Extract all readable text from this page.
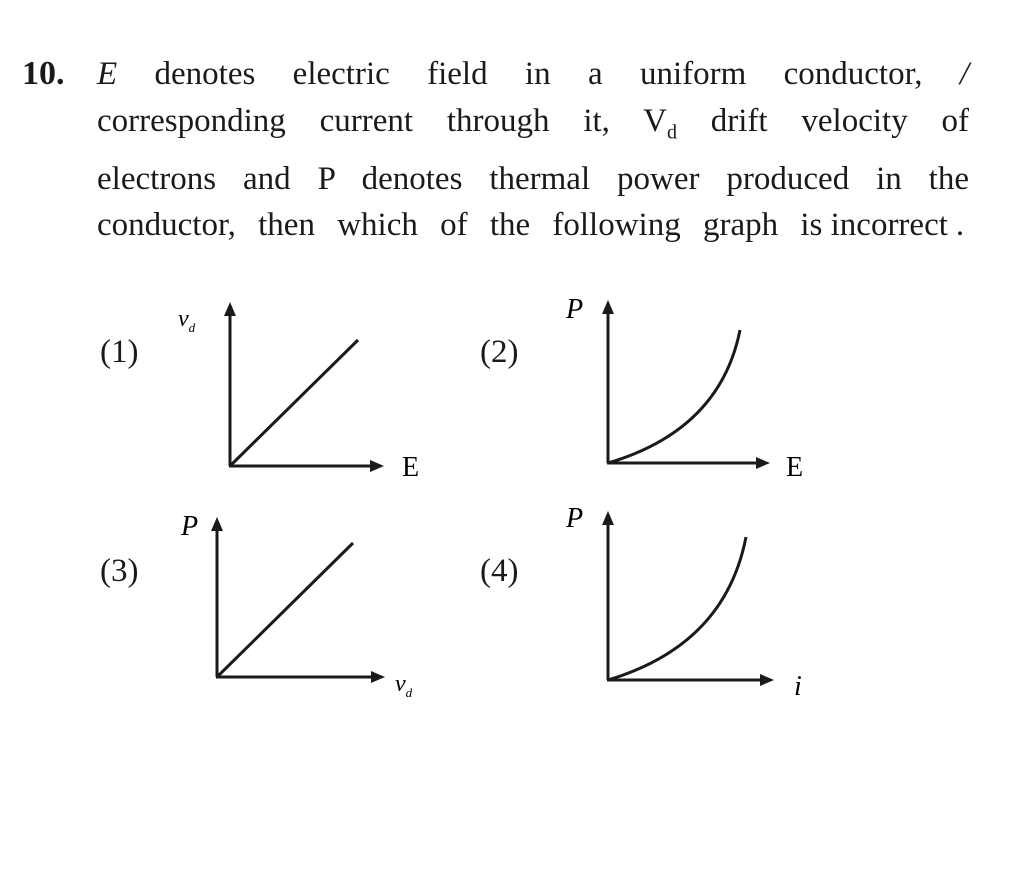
10. E denotes electric field in a uniform conductor, / corresponding current through it, $V_d$ drift velocity of electrons and P denotes thermal power produced in the conductor, then which of the following graph is incorrect .
(1)	(2)
(3)	(4)
$v_d$
E
P
E
P
$v_d$
P
i
